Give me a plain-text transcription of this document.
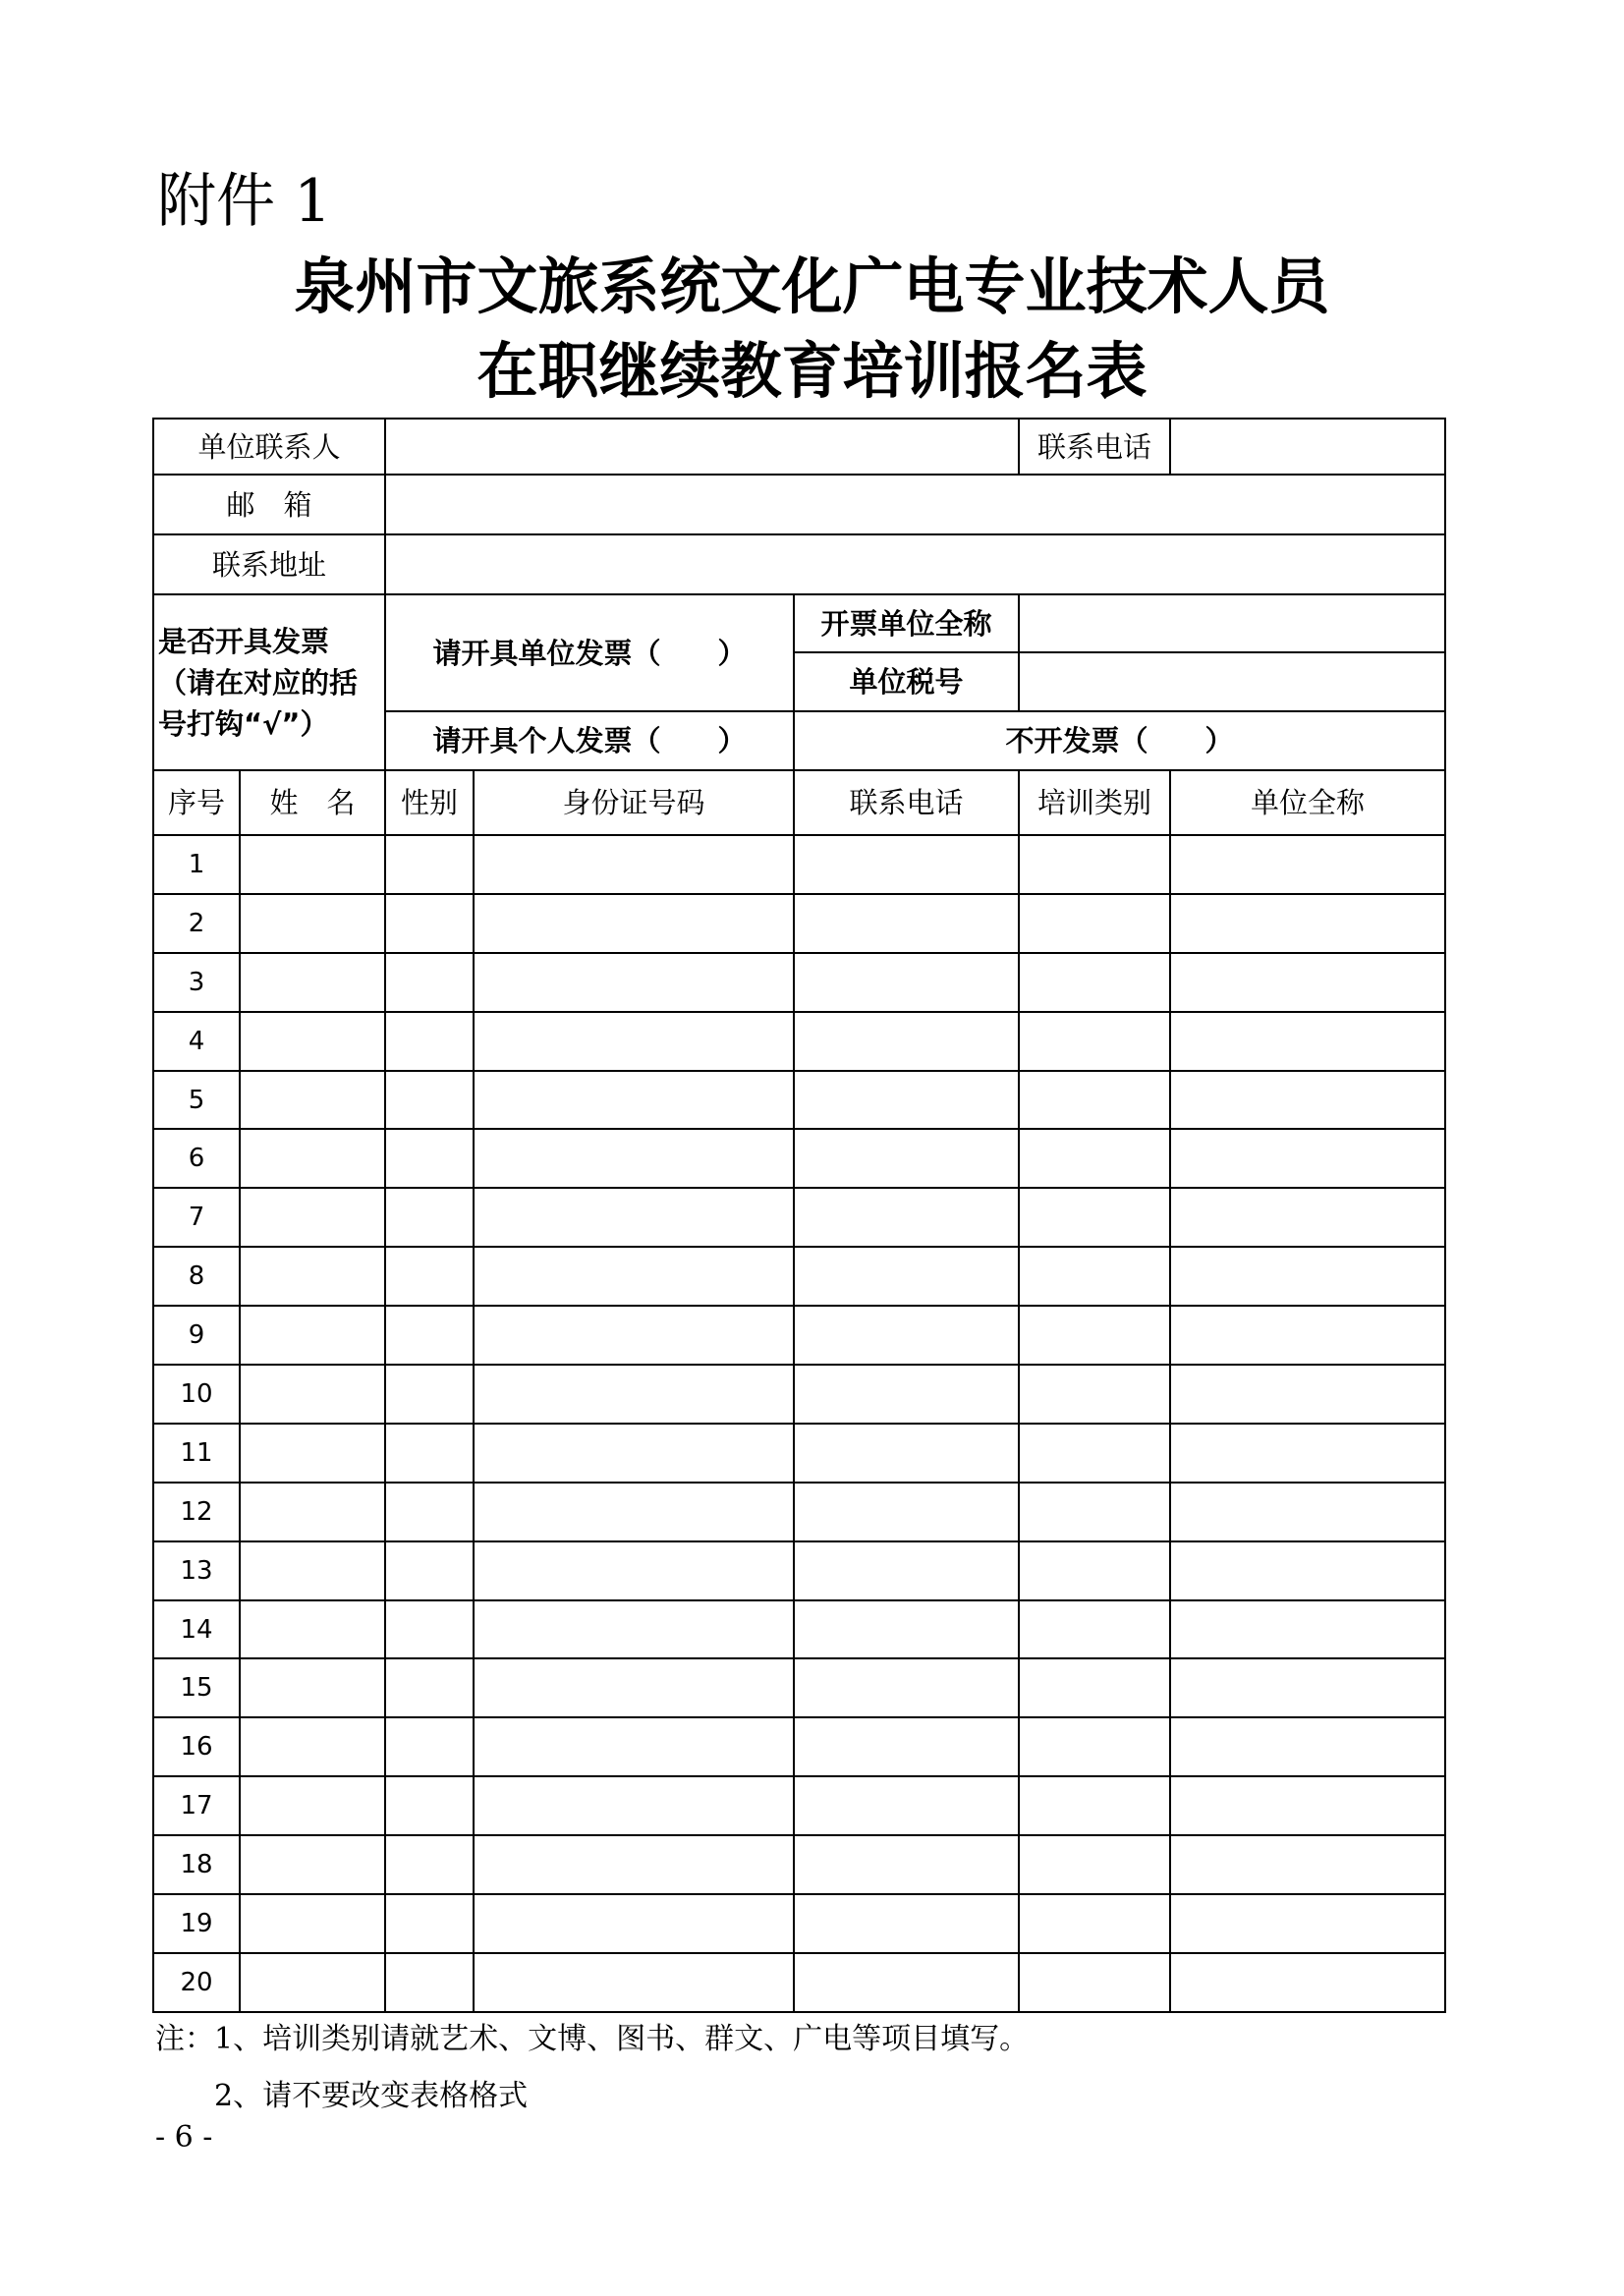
附件 1
泉州市文旅系统文化广电专业技术人员
在职继续教育培训报名表
单位联系人					联系电话	
邮　箱						
联系地址						
是否开具发票（请在对应的括号打钩“√”）		请开具单位发票（　　）		开票单位全称		
				单位税号		
		请开具个人发票（　　）		不开发票（　　）		
序号	姓　名	性别	身份证号码	联系电话	培训类别	单位全称
1						
2						
3						
4						
5						
6						
7						
8						
9						
10						
11						
12						
13						
14						
15						
16						
17						
18						
19						
20						
注：1、培训类别请就艺术、文博、图书、群文、广电等项目填写。
2、请不要改变表格格式
- 6 -
